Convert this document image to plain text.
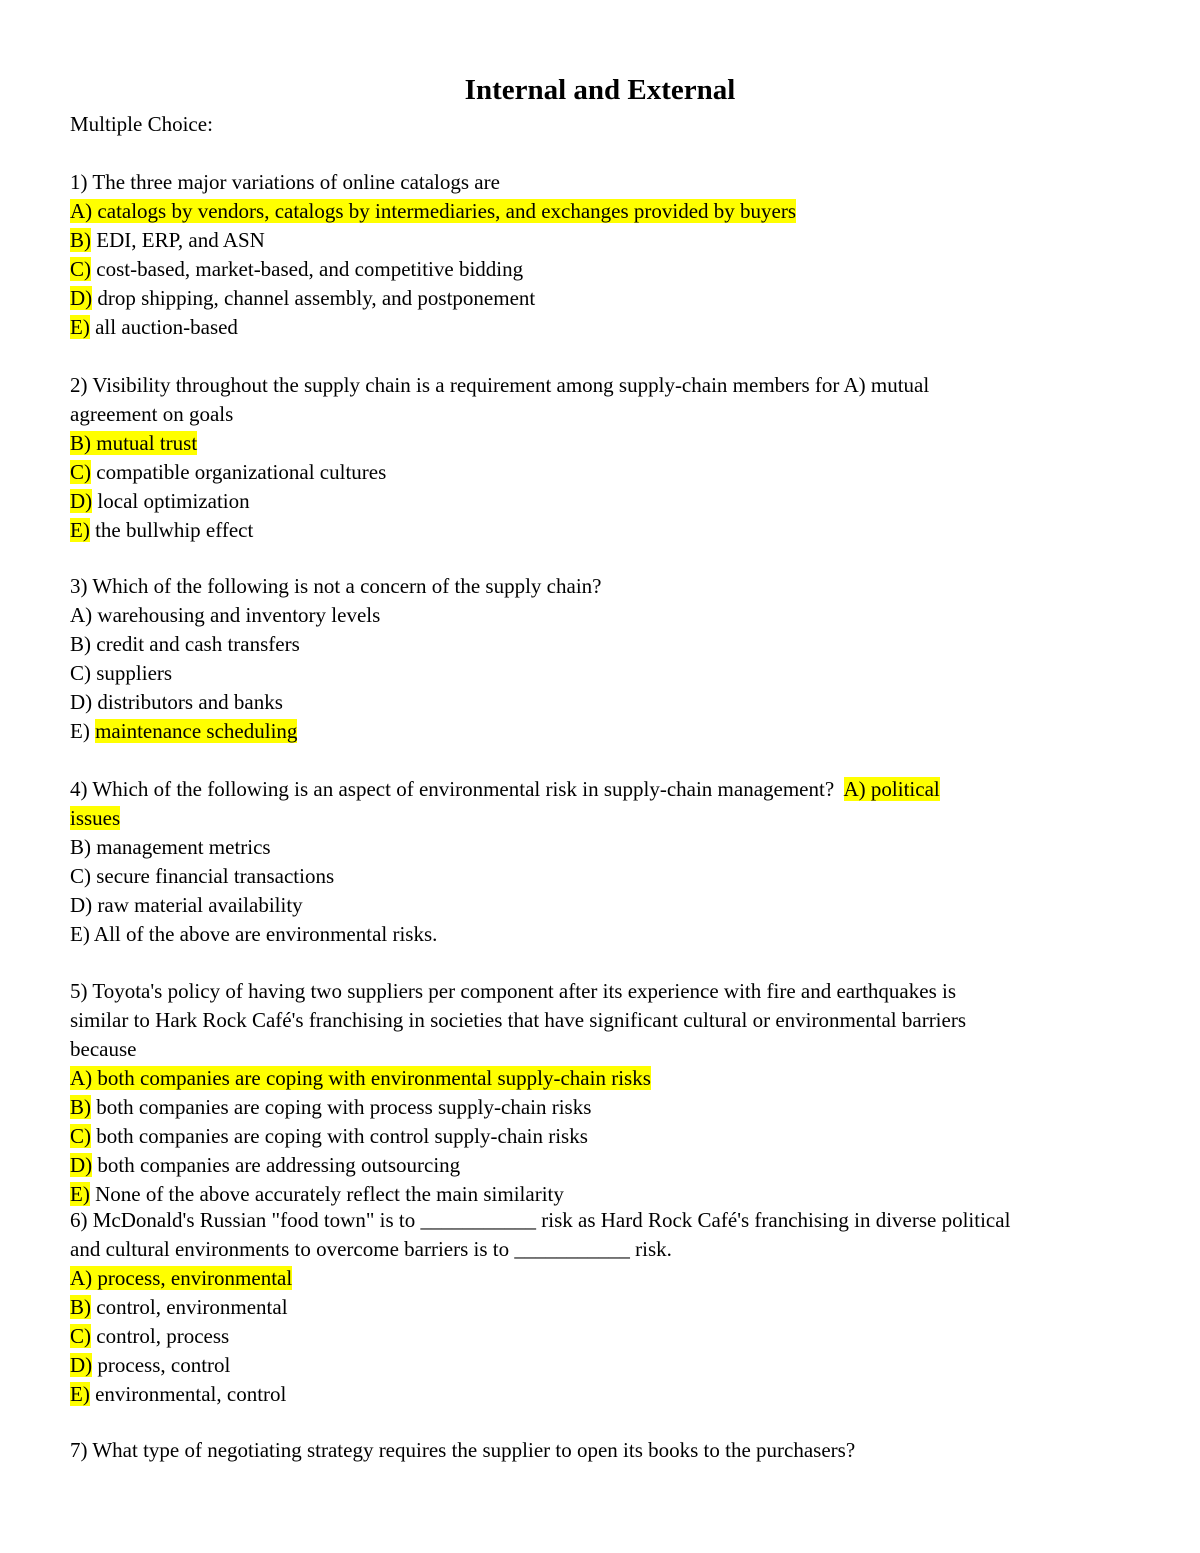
Internal and External
Multiple Choice:
1) The three major variations of online catalogs are
A) catalogs by vendors, catalogs by intermediaries, and exchanges provided by buyers
B) EDI, ERP, and ASN
C) cost-based, market-based, and competitive bidding
D) drop shipping, channel assembly, and postponement
E) all auction-based
2) Visibility throughout the supply chain is a requirement among supply-chain members for A) mutual
agreement on goals
B) mutual trust
C) compatible organizational cultures
D) local optimization
E) the bullwhip effect
3) Which of the following is not a concern of the supply chain?
A) warehousing and inventory levels
B) credit and cash transfers
C) suppliers
D) distributors and banks
E) maintenance scheduling
4) Which of the following is an aspect of environmental risk in supply-chain management?  A) political
issues
B) management metrics
C) secure financial transactions
D) raw material availability
E) All of the above are environmental risks.
5) Toyota's policy of having two suppliers per component after its experience with fire and earthquakes is
similar to Hark Rock Café's franchising in societies that have significant cultural or environmental barriers
because
A) both companies are coping with environmental supply-chain risks
B) both companies are coping with process supply-chain risks
C) both companies are coping with control supply-chain risks
D) both companies are addressing outsourcing
E) None of the above accurately reflect the main similarity
6) McDonald's Russian "food town" is to ___________ risk as Hard Rock Café's franchising in diverse political
and cultural environments to overcome barriers is to ___________ risk.
A) process, environmental
B) control, environmental
C) control, process
D) process, control
E) environmental, control
7) What type of negotiating strategy requires the supplier to open its books to the purchasers?
